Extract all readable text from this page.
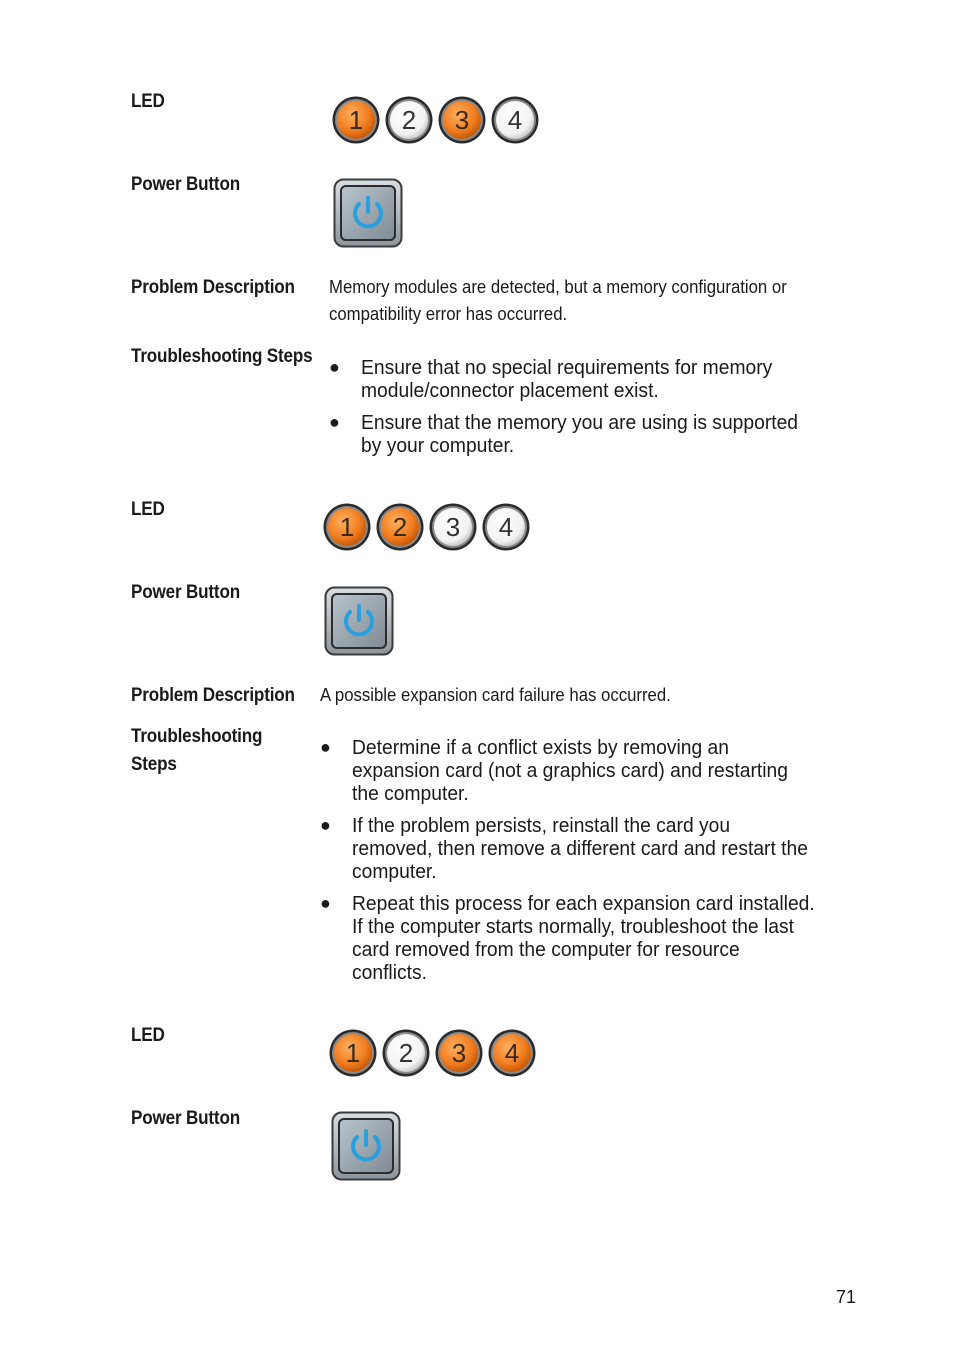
LED
1 2 3 4
Power Button
Problem Description Memory modules are detected, but a memory configuration or
compatibility error has occurred.
Troubleshooting Steps ● Ensure that no special requirements for memory
module/connector placement exist.
● Ensure that the memory you are using is supported
by your computer.
LED
1 2 3 4
Power Button
Problem Description A possible expansion card failure has occurred.
Troubleshooting
Steps
● Determine if a conflict exists by removing an
expansion card (not a graphics card) and restarting
the computer.
● If the problem persists, reinstall the card you
removed, then remove a different card and restart the
computer.
● Repeat this process for each expansion card installed.
If the computer starts normally, troubleshoot the last
card removed from the computer for resource
conflicts.
LED
1 2 3 4
Power Button
71
